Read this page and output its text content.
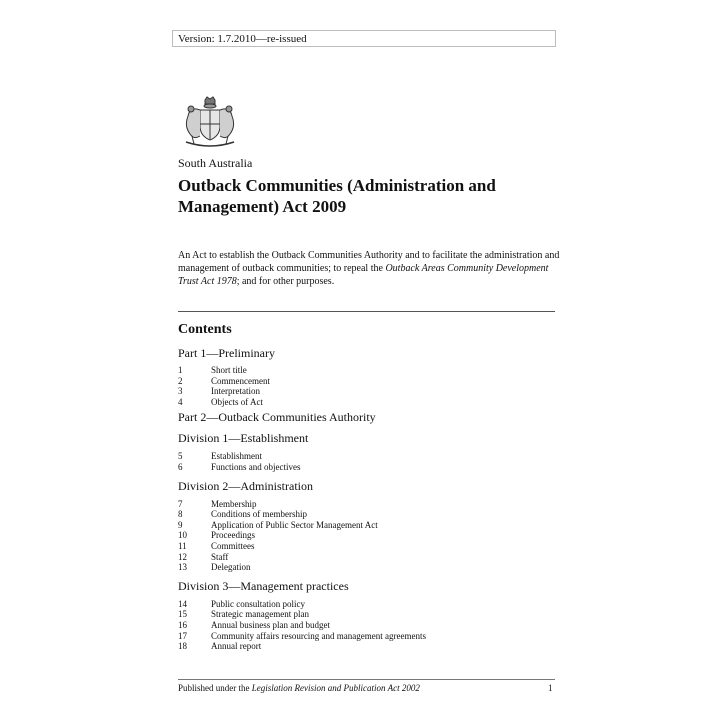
Version: 1.7.2010—re-issued
South Australia
Outback Communities (Administration and Management) Act 2009
An Act to establish the Outback Communities Authority and to facilitate the administration and management of outback communities; to repeal the Outback Areas Community Development Trust Act 1978; and for other purposes.
Contents
Part 1—Preliminary
1	Short title
2	Commencement
3	Interpretation
4	Objects of Act
Part 2—Outback Communities Authority
Division 1—Establishment
5	Establishment
6	Functions and objectives
Division 2—Administration
7	Membership
8	Conditions of membership
9	Application of Public Sector Management Act
10	Proceedings
11	Committees
12	Staff
13	Delegation
Division 3—Management practices
14	Public consultation policy
15	Strategic management plan
16	Annual business plan and budget
17	Community affairs resourcing and management agreements
18	Annual report
Published under the Legislation Revision and Publication Act 2002	1
